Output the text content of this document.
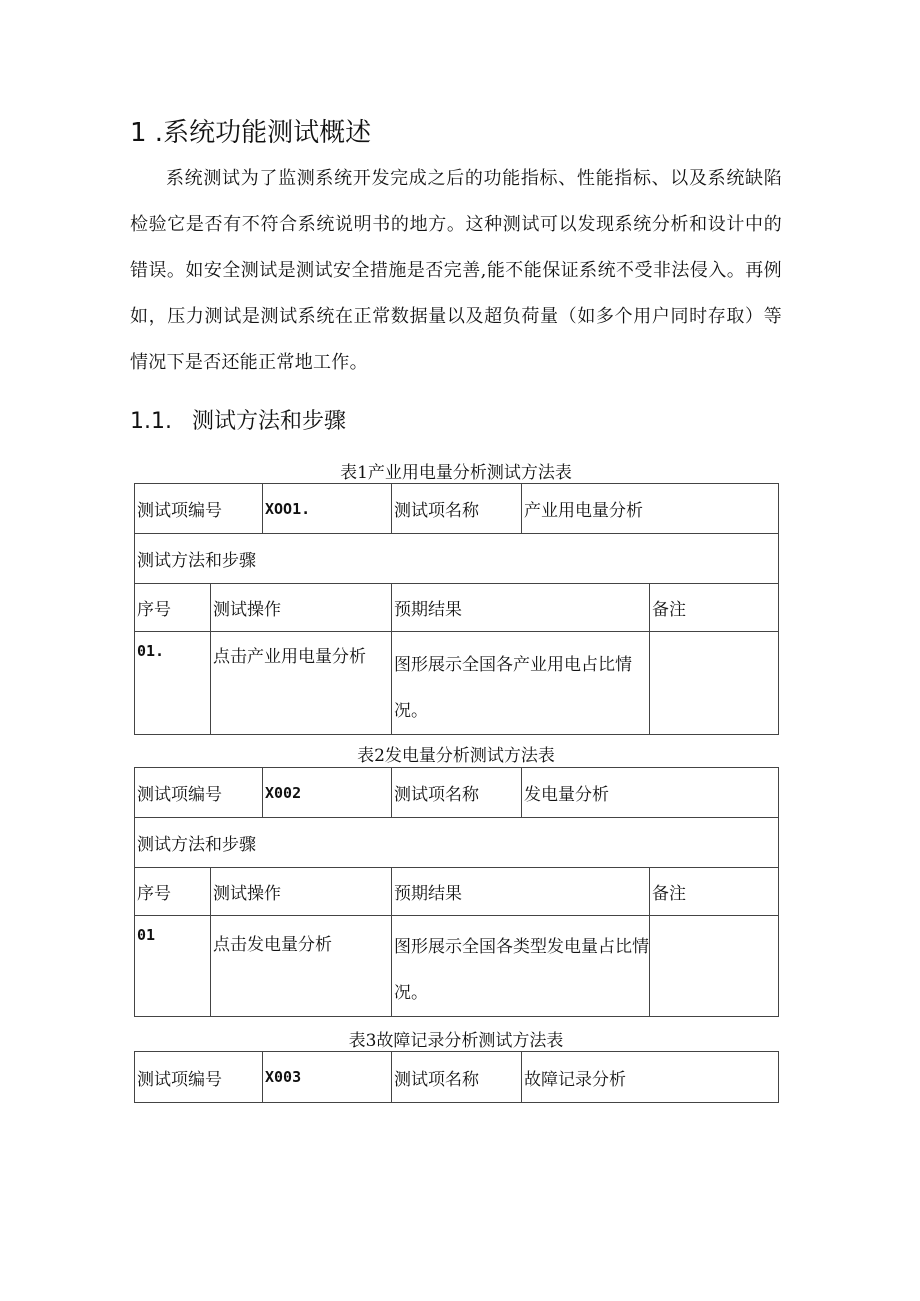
1 .系统功能测试概述

系统测试为了监测系统开发完成之后的功能指标、性能指标、以及系统缺陷检验它是否有不符合系统说明书的地方。这种测试可以发现系统分析和设计中的错误。如安全测试是测试安全措施是否完善,能不能保证系统不受非法侵入。再例如，压力测试是测试系统在正常数据量以及超负荷量（如多个用户同时存取）等情况下是否还能正常地工作。

1.1. 测试方法和步骤
表1产业用电量分析测试方法表
测试项编号		XOO1.	测试项名称	产业用电量分析	
测试方法和步骤					
序号	测试操作		预期结果		备注
01.	点击产业用电量分析		图形展示全国各产业用电占比情况。		
表2发电量分析测试方法表
测试项编号		X002	测试项名称	发电量分析	
测试方法和步骤					
序号	测试操作		预期结果		备注
01	点击发电量分析		图形展示全国各类型发电量占比情况。		
表3故障记录分析测试方法表
测试项编号	X003	测试项名称	故障记录分析
